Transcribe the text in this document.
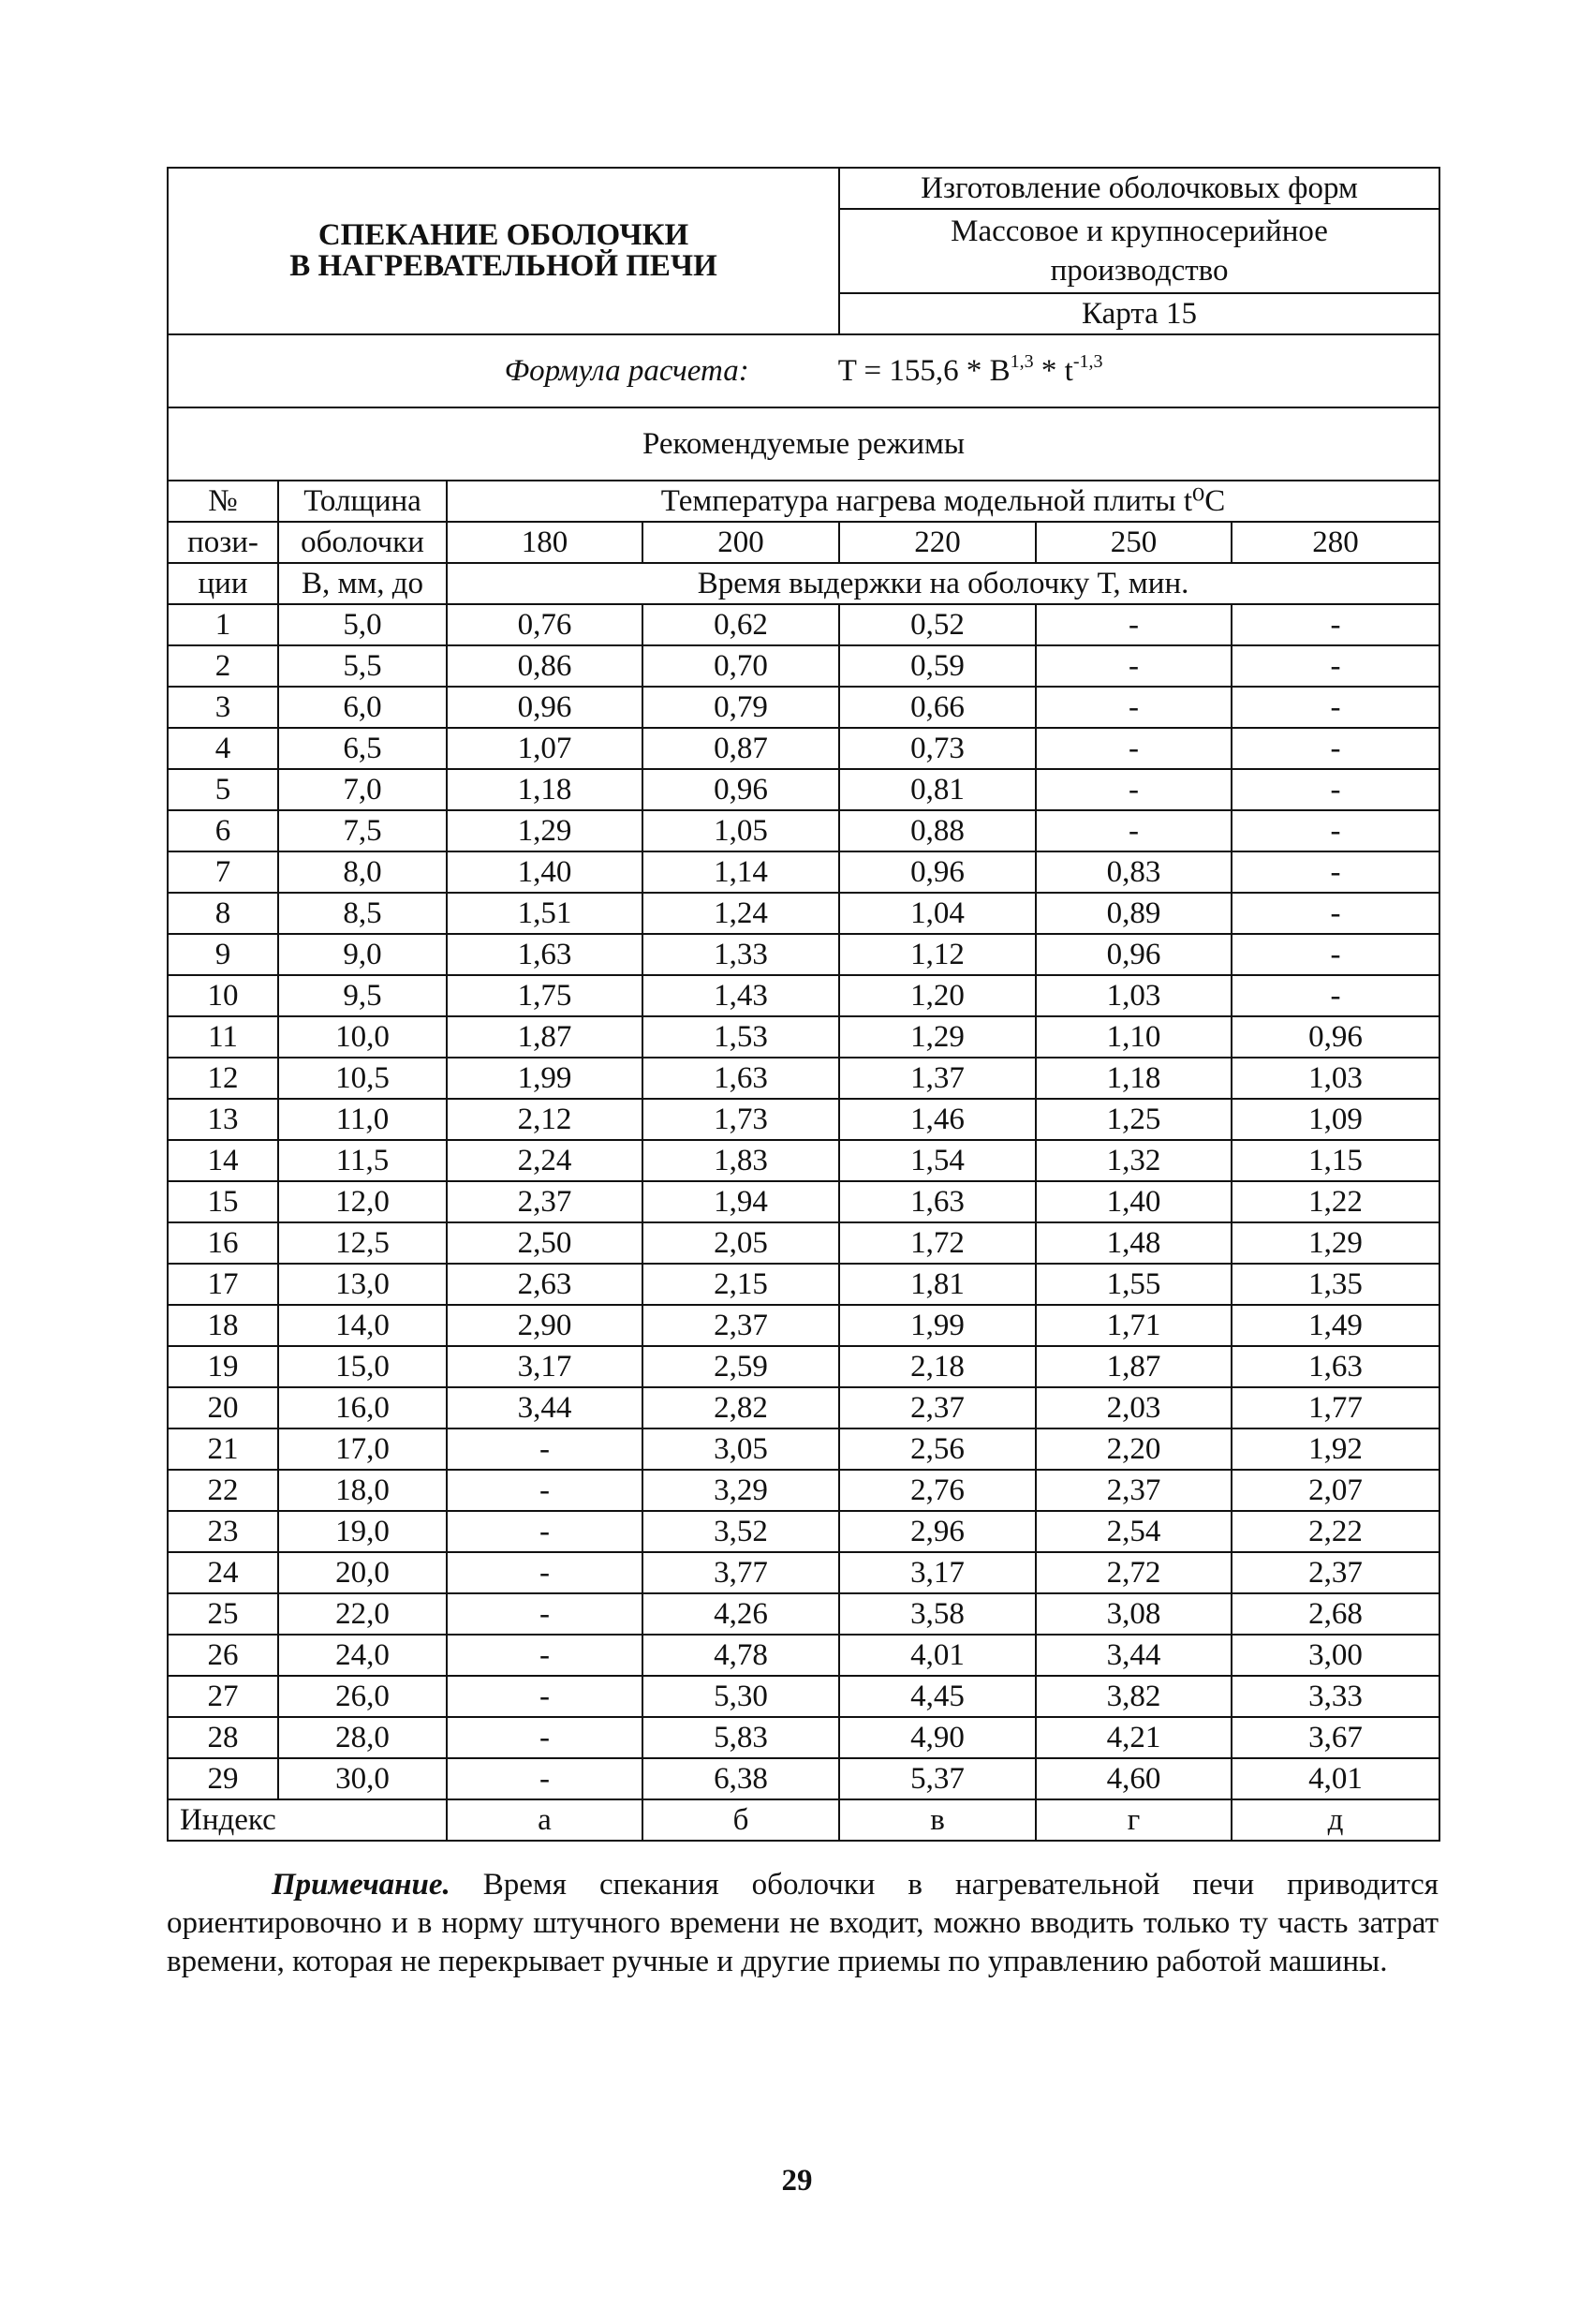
СПЕКАНИЕ ОБОЛОЧКИ
В НАГРЕВАТЕЛЬНОЙ ПЕЧИ				Изготовление оболочковых форм		

				Массовое и крупносерийное
производство		

				Карта 15		
Формула расчета: $T = 155,6 * B^{1,3} * t^{-1,3}$
Рекомендуемые режимы						
№	Толщина	Температура нагрева модельной плиты t⁰С				
пози-	оболочки	180	200	220	250	280
ции	В, мм, до	Время выдержки на оболочку Т, мин.				
1	5,0	0,76	0,62	0,52	-	-
2	5,5	0,86	0,70	0,59	-	-
3	6,0	0,96	0,79	0,66	-	-
4	6,5	1,07	0,87	0,73	-	-
5	7,0	1,18	0,96	0,81	-	-
6	7,5	1,29	1,05	0,88	-	-
7	8,0	1,40	1,14	0,96	0,83	-
8	8,5	1,51	1,24	1,04	0,89	-
9	9,0	1,63	1,33	1,12	0,96	-
10	9,5	1,75	1,43	1,20	1,03	-
11	10,0	1,87	1,53	1,29	1,10	0,96
12	10,5	1,99	1,63	1,37	1,18	1,03
13	11,0	2,12	1,73	1,46	1,25	1,09
14	11,5	2,24	1,83	1,54	1,32	1,15
15	12,0	2,37	1,94	1,63	1,40	1,22
16	12,5	2,50	2,05	1,72	1,48	1,29
17	13,0	2,63	2,15	1,81	1,55	1,35
18	14,0	2,90	2,37	1,99	1,71	1,49
19	15,0	3,17	2,59	2,18	1,87	1,63
20	16,0	3,44	2,82	2,37	2,03	1,77
21	17,0	-	3,05	2,56	2,20	1,92
22	18,0	-	3,29	2,76	2,37	2,07
23	19,0	-	3,52	2,96	2,54	2,22
24	20,0	-	3,77	3,17	2,72	2,37
25	22,0	-	4,26	3,58	3,08	2,68
26	24,0	-	4,78	4,01	3,44	3,00
27	26,0	-	5,30	4,45	3,82	3,33
28	28,0	-	5,83	4,90	4,21	3,67
29	30,0	-	6,38	5,37	4,60	4,01
Индекс		а	б	в	г	д

Примечание. Время спекания оболочки в нагревательной печи приводится ориентировочно и в норму штучного времени не входит, можно вводить только ту часть затрат времени, которая не перекрывает ручные и другие приемы по управлению работой машины.

29
